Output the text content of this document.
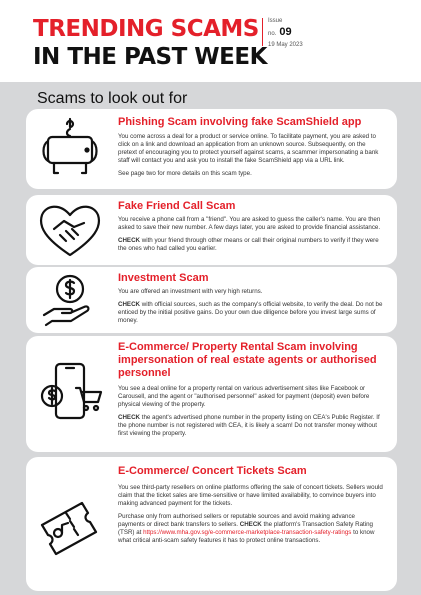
TRENDING SCAMS
IN THE PAST WEEK
Issue
no. 09
19 May 2023
Scams to look out for
Phishing Scam involving fake ScamShield app

You come across a deal for a product or service online. To facilitate payment, you are asked to click on a link and download an application from an unknown source. Subsequently, on the pretext of encouraging you to protect yourself against scams, a scammer impersonating a bank staff will contact you and ask you to install the fake ScamShield app via a URL link.

See page two for more details on this scam type.

Fake Friend Call Scam

You receive a phone call from a "friend". You are asked to guess the caller's name. You are then asked to save their new number. A few days later, you are asked to provide financial assistance.

CHECK with your friend through other means or call their original numbers to verify if they were the ones who had called you earlier.

Investment Scam

You are offered an investment with very high returns.

CHECK with official sources, such as the company's official website, to verify the deal. Do not be enticed by the initial positive gains. Do your own due diligence before you invest large sums of money.

E-Commerce/ Property Rental Scam involving impersonation of real estate agents or authorised personnel

You see a deal online for a property rental on various advertisement sites like Facebook or Carousell, and the agent or "authorised personnel" asked for payment (deposit) even before physical viewing of the property.

CHECK the agent's advertised phone number in the property listing on CEA's Public Register. If the phone number is not registered with CEA, it is likely a scam! Do not transfer money without first viewing the property.

E-Commerce/ Concert Tickets Scam

You see third-party resellers on online platforms offering the sale of concert tickets. Sellers would claim that the ticket sales are time-sensitive or have limited availability, to convince buyers into making advanced payment for the tickets.

Purchase only from authorised sellers or reputable sources and avoid making advance payments or direct bank transfers to sellers. CHECK the platform's Transaction Safety Rating (TSR) at https://www.mha.gov.sg/e-commerce-marketplace-transaction-safety-ratings to know what critical anti-scam safety features it has to protect online transactions.
